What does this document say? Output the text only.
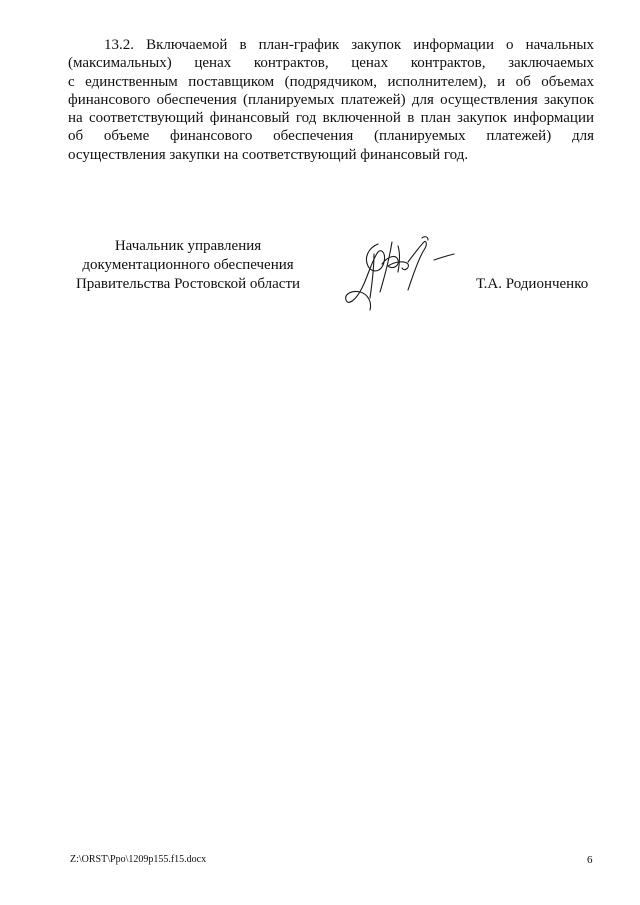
13.2. Включаемой в план-график закупок информации о начальных
(максимальных) ценах контрактов, ценах контрактов, заключаемых
с единственным поставщиком (подрядчиком, исполнителем), и об объемах
финансового обеспечения (планируемых платежей) для осуществления закупок
на соответствующий финансовый год включенной в план закупок информации
об объеме финансового обеспечения (планируемых платежей) для
осуществления закупки на соответствующий финансовый год.
Начальник управления
документационного обеспечения
Правительства Ростовской области	Т.А. Родионченко
Z:\ORST\Ppo\1209p155.f15.docx	6
